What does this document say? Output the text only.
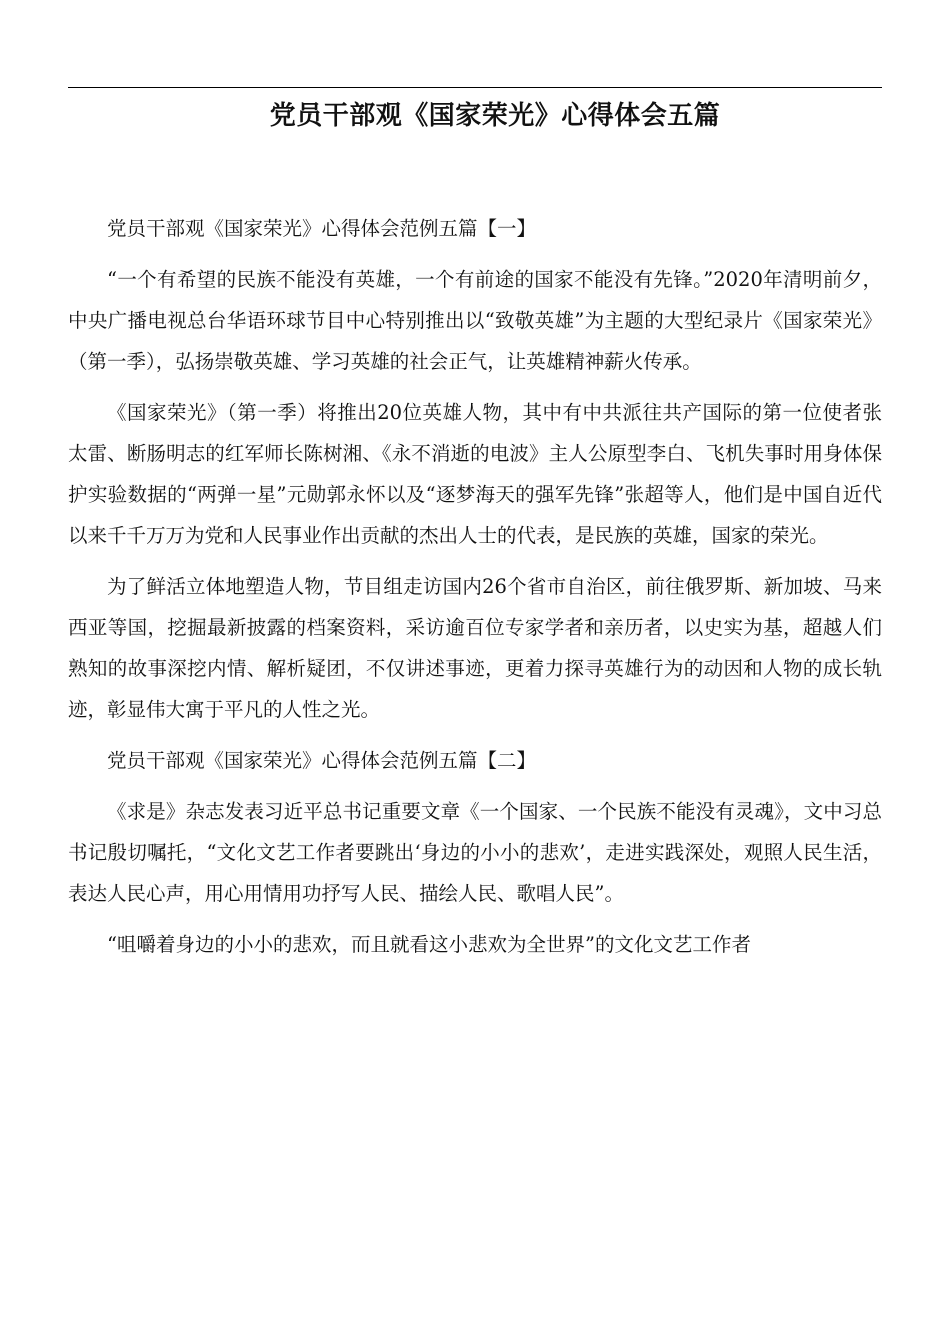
党员干部观《国家荣光》心得体会五篇

党员干部观《国家荣光》心得体会范例五篇【一】

“一个有希望的民族不能没有英雄，一个有前途的国家不能没有先锋。”2020年清明前夕，中央广播电视总台华语环球节目中心特别推出以“致敬英雄”为主题的大型纪录片《国家荣光》（第一季），弘扬崇敬英雄、学习英雄的社会正气，让英雄精神薪火传承。

《国家荣光》（第一季）将推出20位英雄人物，其中有中共派往共产国际的第一位使者张太雷、断肠明志的红军师长陈树湘、《永不消逝的电波》主人公原型李白、飞机失事时用身体保护实验数据的“两弹一星”元勋郭永怀以及“逐梦海天的强军先锋”张超等人，他们是中国自近代以来千千万万为党和人民事业作出贡献的杰出人士的代表，是民族的英雄，国家的荣光。

为了鲜活立体地塑造人物，节目组走访国内26个省市自治区，前往俄罗斯、新加坡、马来西亚等国，挖掘最新披露的档案资料，采访逾百位专家学者和亲历者，以史实为基，超越人们熟知的故事深挖内情、解析疑团，不仅讲述事迹，更着力探寻英雄行为的动因和人物的成长轨迹，彰显伟大寓于平凡的人性之光。

党员干部观《国家荣光》心得体会范例五篇【二】

《求是》杂志发表习近平总书记重要文章《一个国家、一个民族不能没有灵魂》，文中习总书记殷切嘱托，“文化文艺工作者要跳出‘身边的小小的悲欢’，走进实践深处，观照人民生活，表达人民心声，用心用情用功抒写人民、描绘人民、歌唱人民”。

“咀嚼着身边的小小的悲欢，而且就看这小悲欢为全世界”的文化文艺工作者
